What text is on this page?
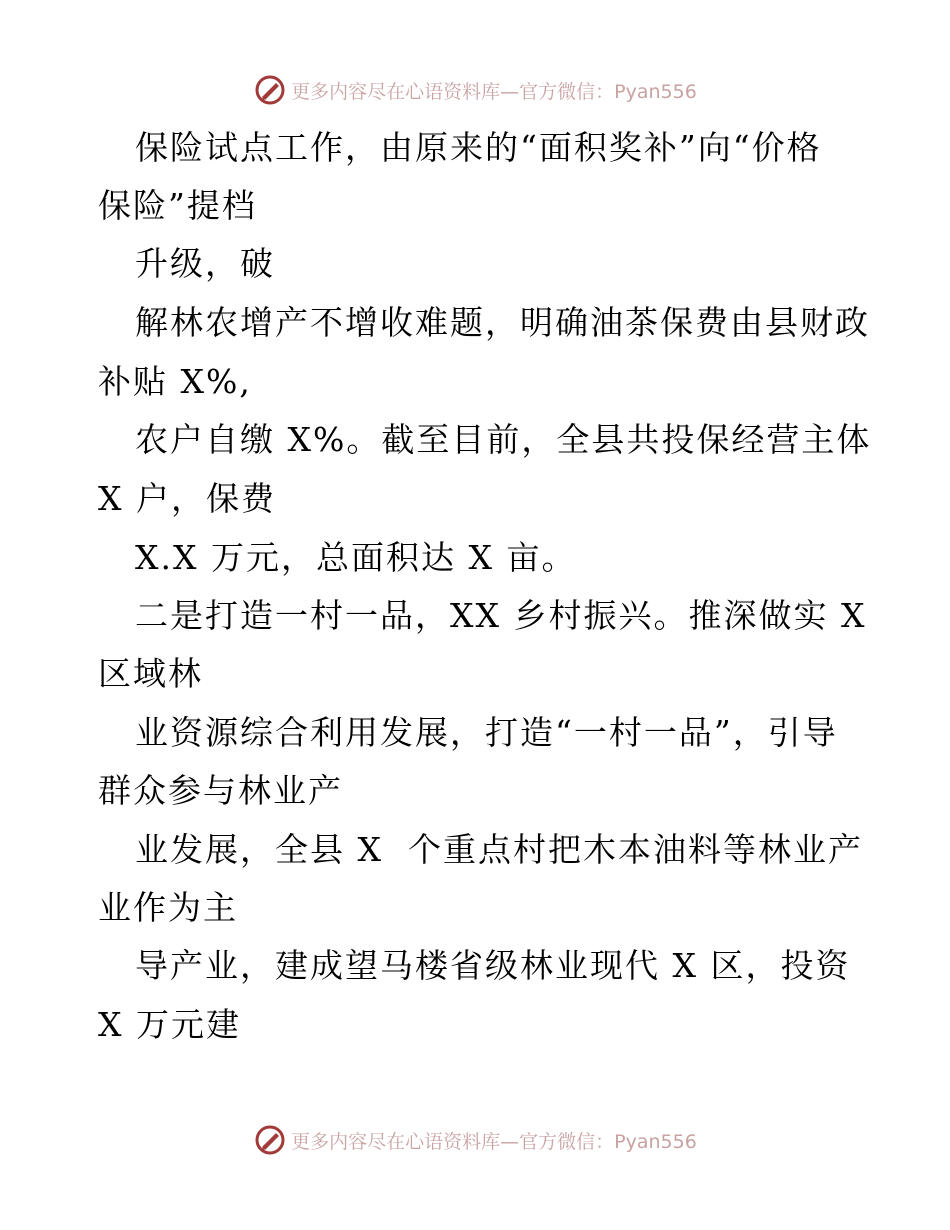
更多内容尽在心语资料库—官方微信：Pyan556
保险试点工作，由原来的“面积奖补”向“价格
保险”提档
升级，破
解林农增产不增收难题，明确油茶保费由县财政
补贴 X%,
农户自缴 X%。截至目前，全县共投保经营主体
X 户，保费
X.X 万元，总面积达 X 亩。
二是打造一村一品，XX 乡村振兴。推深做实 X
区域林
业资源综合利用发展，打造“一村一品”，引导
群众参与林业产
业发展，全县 X  个重点村把木本油料等林业产
业作为主
导产业，建成望马楼省级林业现代 X 区，投资
X 万元建
更多内容尽在心语资料库—官方微信：Pyan556
